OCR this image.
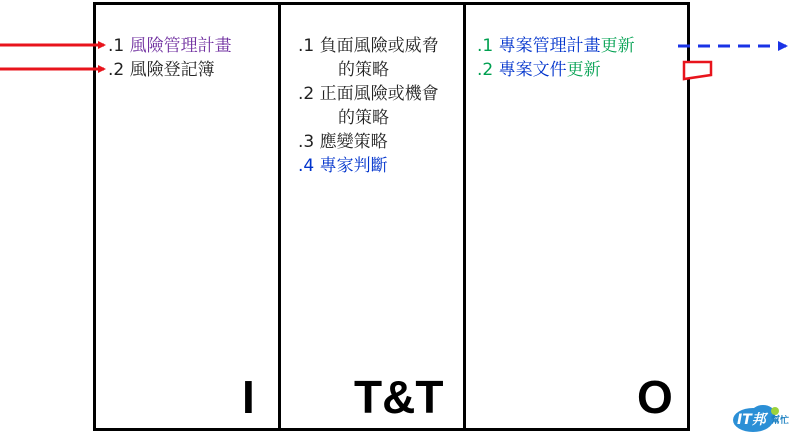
.1 風險管理計畫
.2 風險登記簿
.1 負面風險或威脅
的策略
.2 正面風險或機會
的策略
.3 應變策略
.4 專家判斷
.1 專案管理計畫更新
.2 專案文件更新
I T&T	O	IT邦 幫忙
